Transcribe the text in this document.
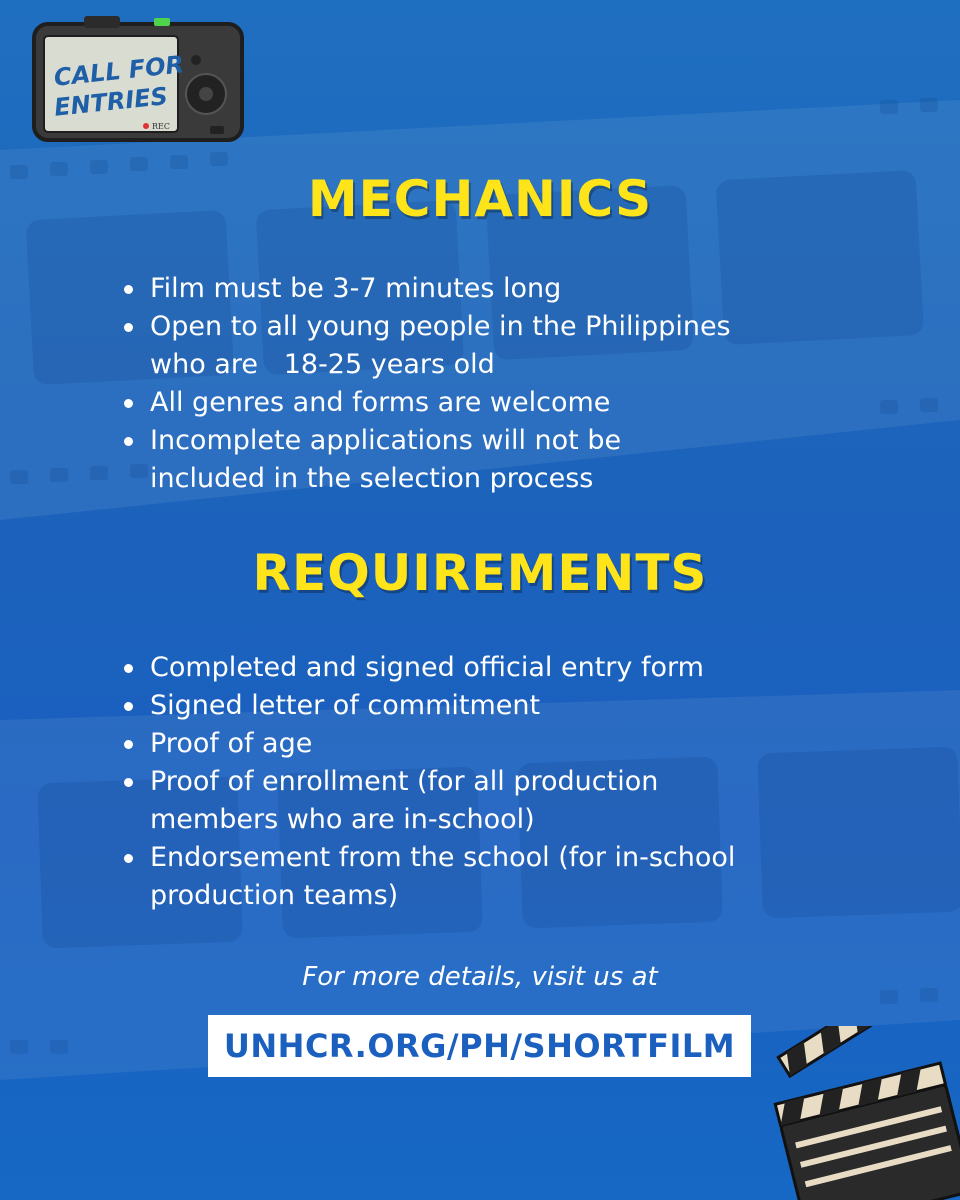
CALL FOR
ENTRIES
REC
MECHANICS
Film must be 3-7 minutes long
Open to all young people in the Philippines
who are   18-25 years old
All genres and forms are welcome
Incomplete applications will not be
included in the selection process
REQUIREMENTS
Completed and signed official entry form
Signed letter of commitment
Proof of age
Proof of enrollment (for all production
members who are in-school)
Endorsement from the school (for in-school
production teams)
For more details, visit us at
UNHCR.ORG/PH/SHORTFILM
